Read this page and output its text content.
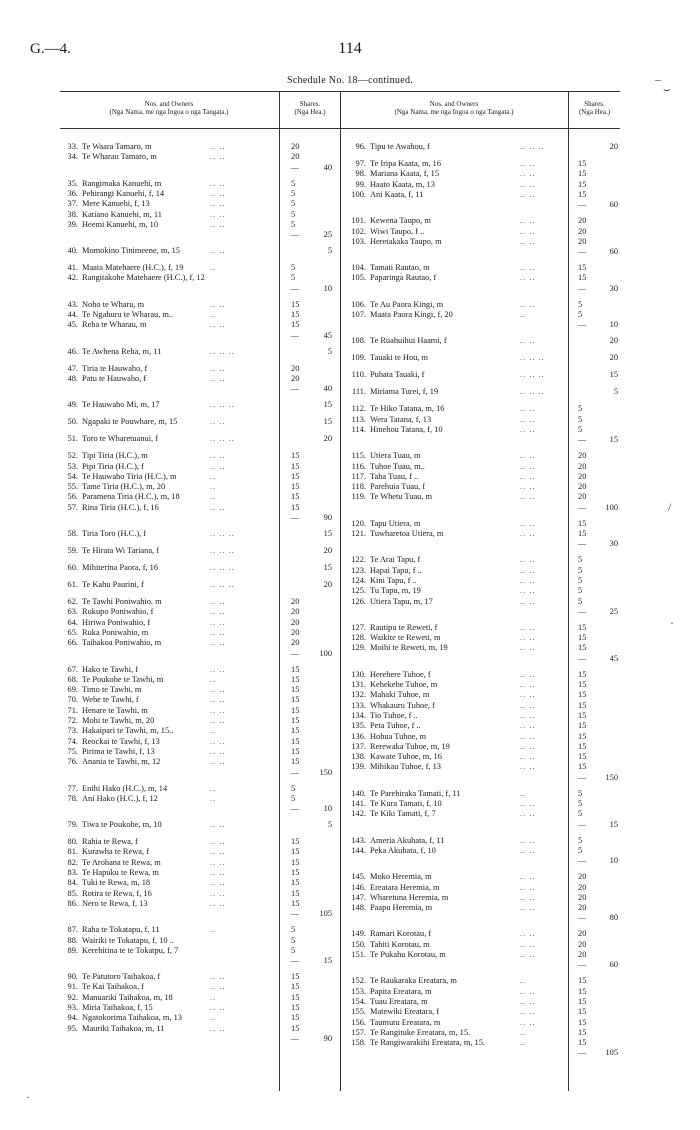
G.—4.	114
Schedule No. 18—continued.
Nos. and Owners
(Nga Nama, me nga Ingoa o nga Tangata.)
Shares.
(Nga Hea.)
Nos. and Owners
(Nga Nama, me nga Ingoa o nga Tangata.)
Shares.
(Nga Hea.)
33. Te Waara Tamaro, m	.. ..	20
34. Te Wharau Tamaro, m	.. ..	20
—	40
35. Rangimaka Kanuehi, m	.. ..	5
36. Pehirangi Kanuehi, f, 14	.. ..	5
37. Mere Kanuehi, f, 13	.. ..	5
38. Katiano Kanuehi, m, 11	.. ..	5
39. Heemi Kanuehi, m, 10	.. ..	5
—	25
40. Momokino Tinimeene, m, 15	.. ..	5
41. Maata Matehaere (H.C.), f, 19	..	5
42. Rangitakohe Matehaere (H.C.), f, 12	5
—	10
43. Noho te Wharu, m	.. ..	15
44. Te Ngahuru te Wharau, m..	..	15
45. Reha te Wharau, m	.. ..	15
—	45
46. Te Awhena Reha, m, 11	.. .. ..	5
47. Tiria te Hauwaho, f	.. ..	20
48. Patu te Hauwaho, f	.. ..	20
—	40
49. Te Hauwaho Mi, m, 17	.. .. ..	15
50. Ngapaki te Pouwhare, m, 15	.. ..	15
51. Toro te Wharetuanui, f	.. .. ..	20
52. Tipi Tiria (H.C.), m	.. ..	15
53. Pipi Tiria (H.C.), f	.. ..	15
54. Te Hauwaho Tiria (H.C.), m	..	15
55. Tame Tiria (H.C.), m, 20	..	15
56. Paramena Tiria (H.C.), m, 18	..	15
57. Rina Tiria (H.C.), f, 16	.. ..	15
—	90
58. Tiria Toro (H.C.), f	.. .. ..	15
59. Te Hirata Wi Tariana, f	.. .. ..	20
60. Mihiterina Paora, f, 16	.. .. ..	15
61. Te Kahu Paurini, f	.. .. ..	20
62. Te Tawhi Poniwahio, m	.. ..	20
63. Rukupo Poniwahio, f	.. ..	20
64. Hiriwa Poniwahio, f	.. ..	20
65. Ruka Poniwahio, m	.. ..	20
66. Taihakoa Poniwahio, m	.. ..	20
—	100
67. Hako te Tawhi, f	.. ..	15
68. Te Poukohe te Tawhi, m	..	15
69. Timo te Tawhi, m	.. ..	15
70. Wehe te Tawhi, f	.. ..	15
71. Henare te Tawhi, m	.. ..	15
72. Mohi te Tawhi, m, 20	.. ..	15
73. Hakaipari te Tawhi, m, 15..	..	15
74. Reockai te Tawhi, f, 13	.. ..	15
75. Pirima te Tawhi, f, 13	.. ..	15
76. Anania te Tawhi, m, 12	.. ..	15
—	150
77. Enihi Hako (H.C.), m, 14	..	5
78. Ani Hako (H.C.), f, 12	..	5
—	10
79. Tiwa te Poukohe, m, 10	.. ..	5
80. Rahia te Rewa, f	.. ..	15
81. Kurawha te Rewa, f	.. ..	15
82. Te Arohana te Rewa, m	.. ..	15
83. Te Hapuku te Rewa, m	.. ..	15
84. Tuki te Rewa, m, 18	.. ..	15
85. Rotira te Rewa, f, 16	.. ..	15
86. Nero te Rewa, f, 13	.. ..	15
—	105
87. Raha te Tokatapu, f, 11	..	5
88. Wairiki te Tokatapu, f, 10 ..	5
89. Kerehitina te te Tokatpu, f, 7	5
—	15
90. Te Patutoro Taihakoa, f	.. ..	15
91. Te Kai Taihakoa, f	.. ..	15
92. Manuariki Taihakoa, m, 18	..	15
93. Miria Taihakoa, f, 15	.. ..	15
94. Ngatokorima Taihakoa, m, 13	..	15
95. Mauriki Taihakoa, m, 11	.. ..	15
—	90
96. Tipu te Awahou, f	.. .. ..	20
97. Te Iripa Kaata, m, 16	.. ..	15
98. Mariana Kaata, f, 15	.. ..	15
99. Haato Kaata, m, 13	.. ..	15
100. Ani Kaata, f, 11	.. ..	15
—	60
101. Kewena Taupo, m	.. ..	20
102. Wiwi Taupo, f ..	.. ..	20
103. Heretakaka Taupo, m	.. ..	20
—	60
104. Tamati Rautao, m	.. ..	15
105. Paparinga Rautao, f	.. ..	15
—	30
106. Te Au Paora Kingi, m	.. ..	5
107. Maata Paora Kingi, f, 20	..	5
—	10
108. Te Ruahuihui Haami, f	.. ..	20
109. Tauaki te Hou, m	.. .. ..	20
110. Puhata Tauaki, f	.. .. ..	15
111. Miriama Turei, f, 19	.. .. ..	5
112. Te Hiko Tatana, m, 16	.. ..	5
113. Wera Tatana, f, 13	.. ..	5
114. Hinehou Tatana, f, 10	.. ..	5
—	15
115. Utiera Tuau, m	.. ..	20
116. Tuhoe Tuau, m..	.. ..	20
117. Taha Tuau, f ..	.. ..	20
118. Parehuia Tuau, f	.. ..	20
119. Te Whetu Tuau, m	.. ..	20
—	100
120. Tapu Utiera, m	.. ..	15
121. Tuwharetoa Utiera, m	.. ..	15
—	30
122. Te Arai Tapu, f	.. ..	5
123. Hapai Tapu, f ..	.. ..	5
124. Kini Tapu, f ..	.. ..	5
125. Tu Tapu, m, 19	.. ..	5
126. Utiera Tapu, m, 17	.. ..	5
—	25
127. Rautipu te Reweti, f	.. ..	15
128. Waikite te Reweti, m	.. ..	15
129. Moihi te Reweti, m, 19	.. ..	15
—	45
130. Herehere Tuhoe, f	.. ..	15
131. Kehekehe Tuhoe, m	.. ..	15
132. Mahaki Tuhoe, m	.. ..	15
133. Whakauru Tuhoe, f	.. ..	15
134. Tio Tuhoe, f ..	.. ..	15
135. Peta Tuhoe, f ..	.. ..	15
136. Hohua Tuhoe, m	.. ..	15
137. Rerewaka Tuhoe, m, 19	.. ..	15
138. Kawate Tuhoe, m, 16	.. ..	15
139. Mihikau Tuhoe, f, 13	.. ..	15
—	150
140. Te Parehiraka Tamati, f, 11	..	5
141. Te Kura Tamati, f, 10	.. ..	5
142. Te Kiki Tamati, f, 7	.. ..	5
—	15
143. Ameria Akuhata, f, 11	.. ..	5
144. Peka Akuhata, f, 10	.. ..	5
—	10
145. Moko Heremia, m	.. ..	20
146. Ereatara Heremia, m	.. ..	20
147. Wharetuna Heremia, m	.. ..	20
148. Paapu Heremia, m	.. ..	20
—	80
149. Ramari Korotau, f	.. ..	20
150. Tahiti Korotau, m	.. ..	20
151. Te Pukahu Korotau, m	.. ..	20
—	60
152. Te Raukaraka Ereatara, m	..	15
153. Papita Ereatara, m	.. ..	15
154. Tuau Ereatara, m	.. ..	15
155. Matewiki Ereatara, f	.. ..	15
156. Taumutu Ereatara, m	.. ..	15
157. Te Rangituke Ereatara, m, 15.	..	15
158. Te Rangiwarakihi Ereatara, m, 15.	..	15
—	105
‒
⌣
/
·
·
